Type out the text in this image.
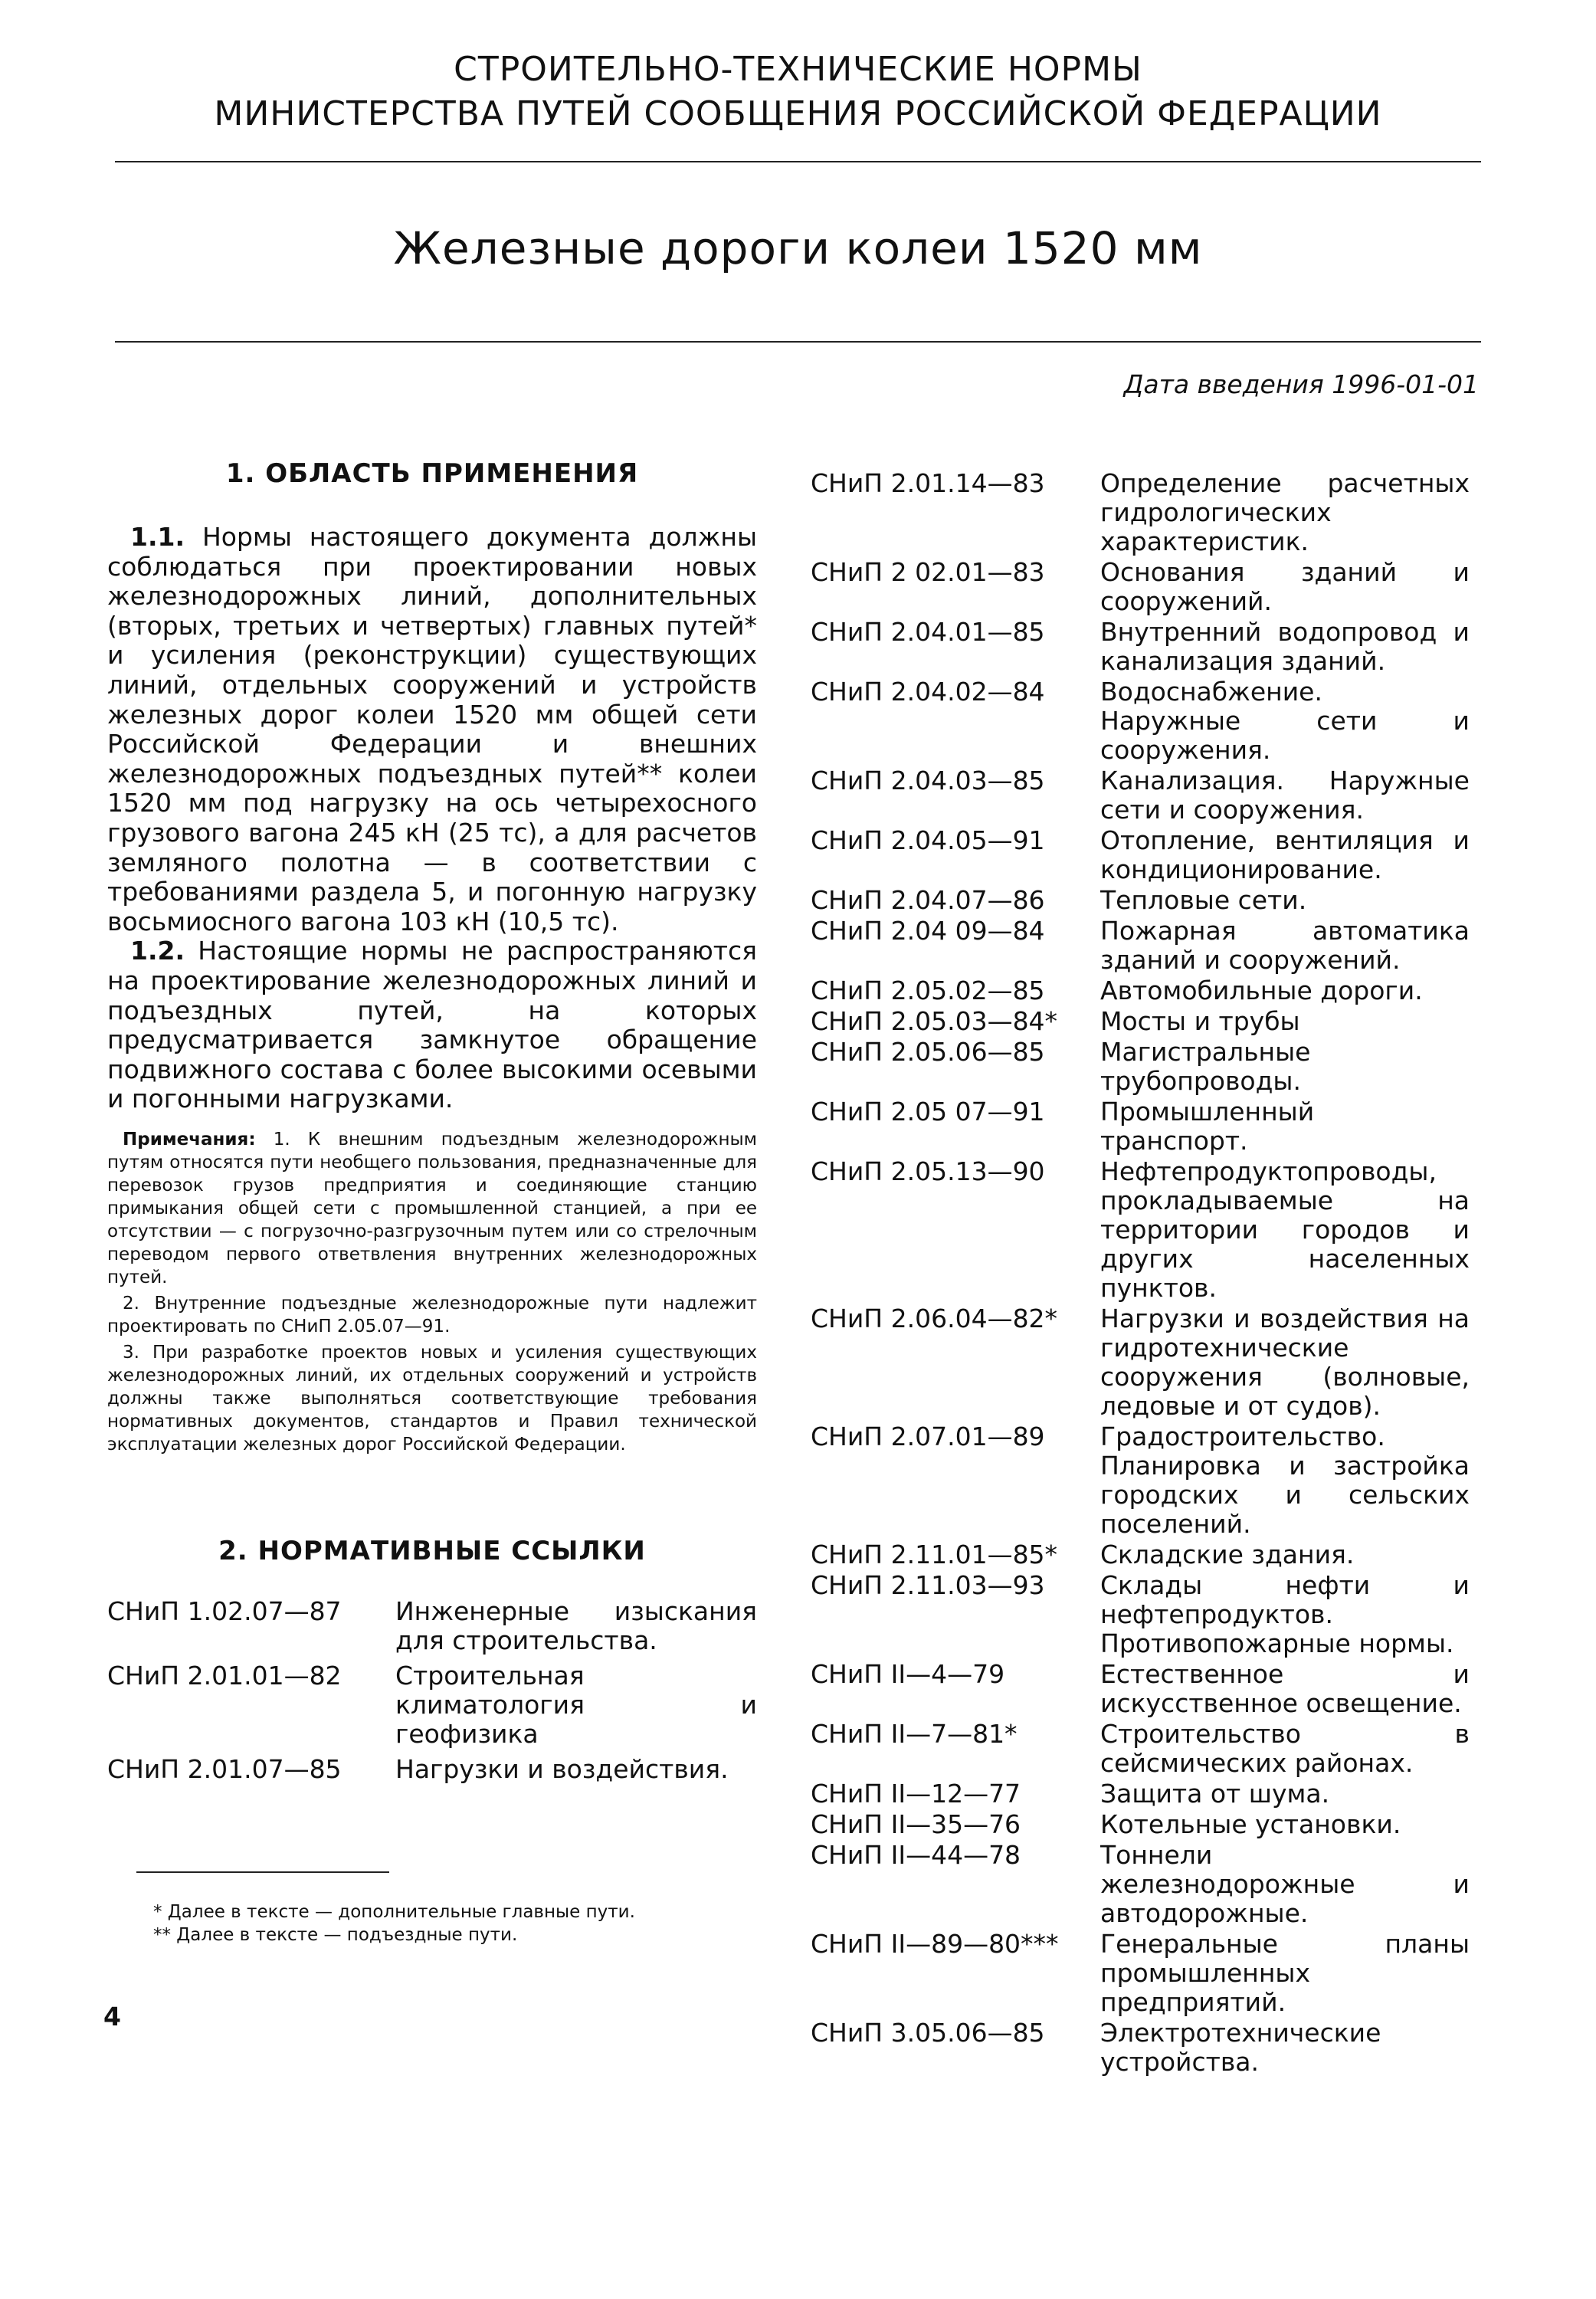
СТРОИТЕЛЬНО-ТЕХНИЧЕСКИЕ НОРМЫ
МИНИСТЕРСТВА ПУТЕЙ СООБЩЕНИЯ РОССИЙСКОЙ ФЕДЕРАЦИИ
Железные дороги колеи 1520 мм
Дата введения 1996-01-01
1. ОБЛАСТЬ ПРИМЕНЕНИЯ

1.1. Нормы настоящего документа должны соблюдаться при проектировании новых железнодорожных линий, дополнительных (вторых, третьих и четвертых) главных путей* и усиления (реконструкции) существующих линий, отдельных сооружений и устройств железных дорог колеи 1520 мм общей сети Российской Федерации и внешних железнодорожных подъездных путей** колеи 1520 мм под нагрузку на ось четырехосного грузового вагона 245 кН (25 тс), а для расчетов земляного полотна — в соответствии с требованиями раздела 5, и погонную нагрузку восьмиосного вагона 103 кН (10,5 тс).

1.2. Настоящие нормы не распространяются на проектирование железнодорожных линий и подъездных путей, на которых предусматривается замкнутое обращение подвижного состава с более высокими осевыми и погонными нагрузками.

Примечания: 1. К внешним подъездным железнодорожным путям относятся пути необщего пользования, предназначенные для перевозок грузов предприятия и соединяющие станцию примыкания общей сети с промышленной станцией, а при ее отсутствии — с погрузочно-разгрузочным путем или со стрелочным переводом первого ответвления внутренних железнодорожных путей.

2. Внутренние подъездные железнодорожные пути надлежит проектировать по СНиП 2.05.07—91.

3. При разработке проектов новых и усиления существующих железнодорожных линий, их отдельных сооружений и устройств должны также выполняться соответствующие требования нормативных документов, стандартов и Правил технической эксплуатации железных дорог Российской Федерации.

2. НОРМАТИВНЫЕ ССЫЛКИ
СНиП 1.02.07—87	Инженерные изыскания для строительства.
СНиП 2.01.01—82	Строительная климатология и геофизика
СНиП 2.01.07—85	Нагрузки и воздействия.

* Далее в тексте — дополнительные главные пути.

** Далее в тексте — подъездные пути.

СНиП 2.01.14—83	Определение расчетных гидрологических характеристик.
СНиП 2 02.01—83	Основания зданий и сооружений.
СНиП 2.04.01—85	Внутренний водопровод и канализация зданий.
СНиП 2.04.02—84	Водоснабжение. Наружные сети и сооружения.
СНиП 2.04.03—85	Канализация. Наружные сети и сооружения.
СНиП 2.04.05—91	Отопление, вентиляция и кондиционирование.
СНиП 2.04.07—86	Тепловые сети.
СНиП 2.04 09—84	Пожарная автоматика зданий и сооружений.
СНиП 2.05.02—85	Автомобильные дороги.
СНиП 2.05.03—84*	Мосты и трубы
СНиП 2.05.06—85	Магистральные трубопроводы.
СНиП 2.05 07—91	Промышленный транспорт.
СНиП 2.05.13—90	Нефтепродуктопроводы, прокладываемые на территории городов и других населенных пунктов.
СНиП 2.06.04—82*	Нагрузки и воздействия на гидротехнические сооружения (волновые, ледовые и от судов).
СНиП 2.07.01—89	Градостроительство. Планировка и застройка городских и сельских поселений.
СНиП 2.11.01—85*	Складские здания.
СНиП 2.11.03—93	Склады нефти и нефтепродуктов. Противопожарные нормы.
СНиП II—4—79	Естественное и искусственное освещение.
СНиП II—7—81*	Строительство в сейсмических районах.
СНиП II—12—77	Защита от шума.
СНиП II—35—76	Котельные установки.
СНиП II—44—78	Тоннели железнодорожные и автодорожные.
СНиП II—89—80***	Генеральные планы промышленных предприятий.
СНиП 3.05.06—85	Электротехнические устройства.
4
